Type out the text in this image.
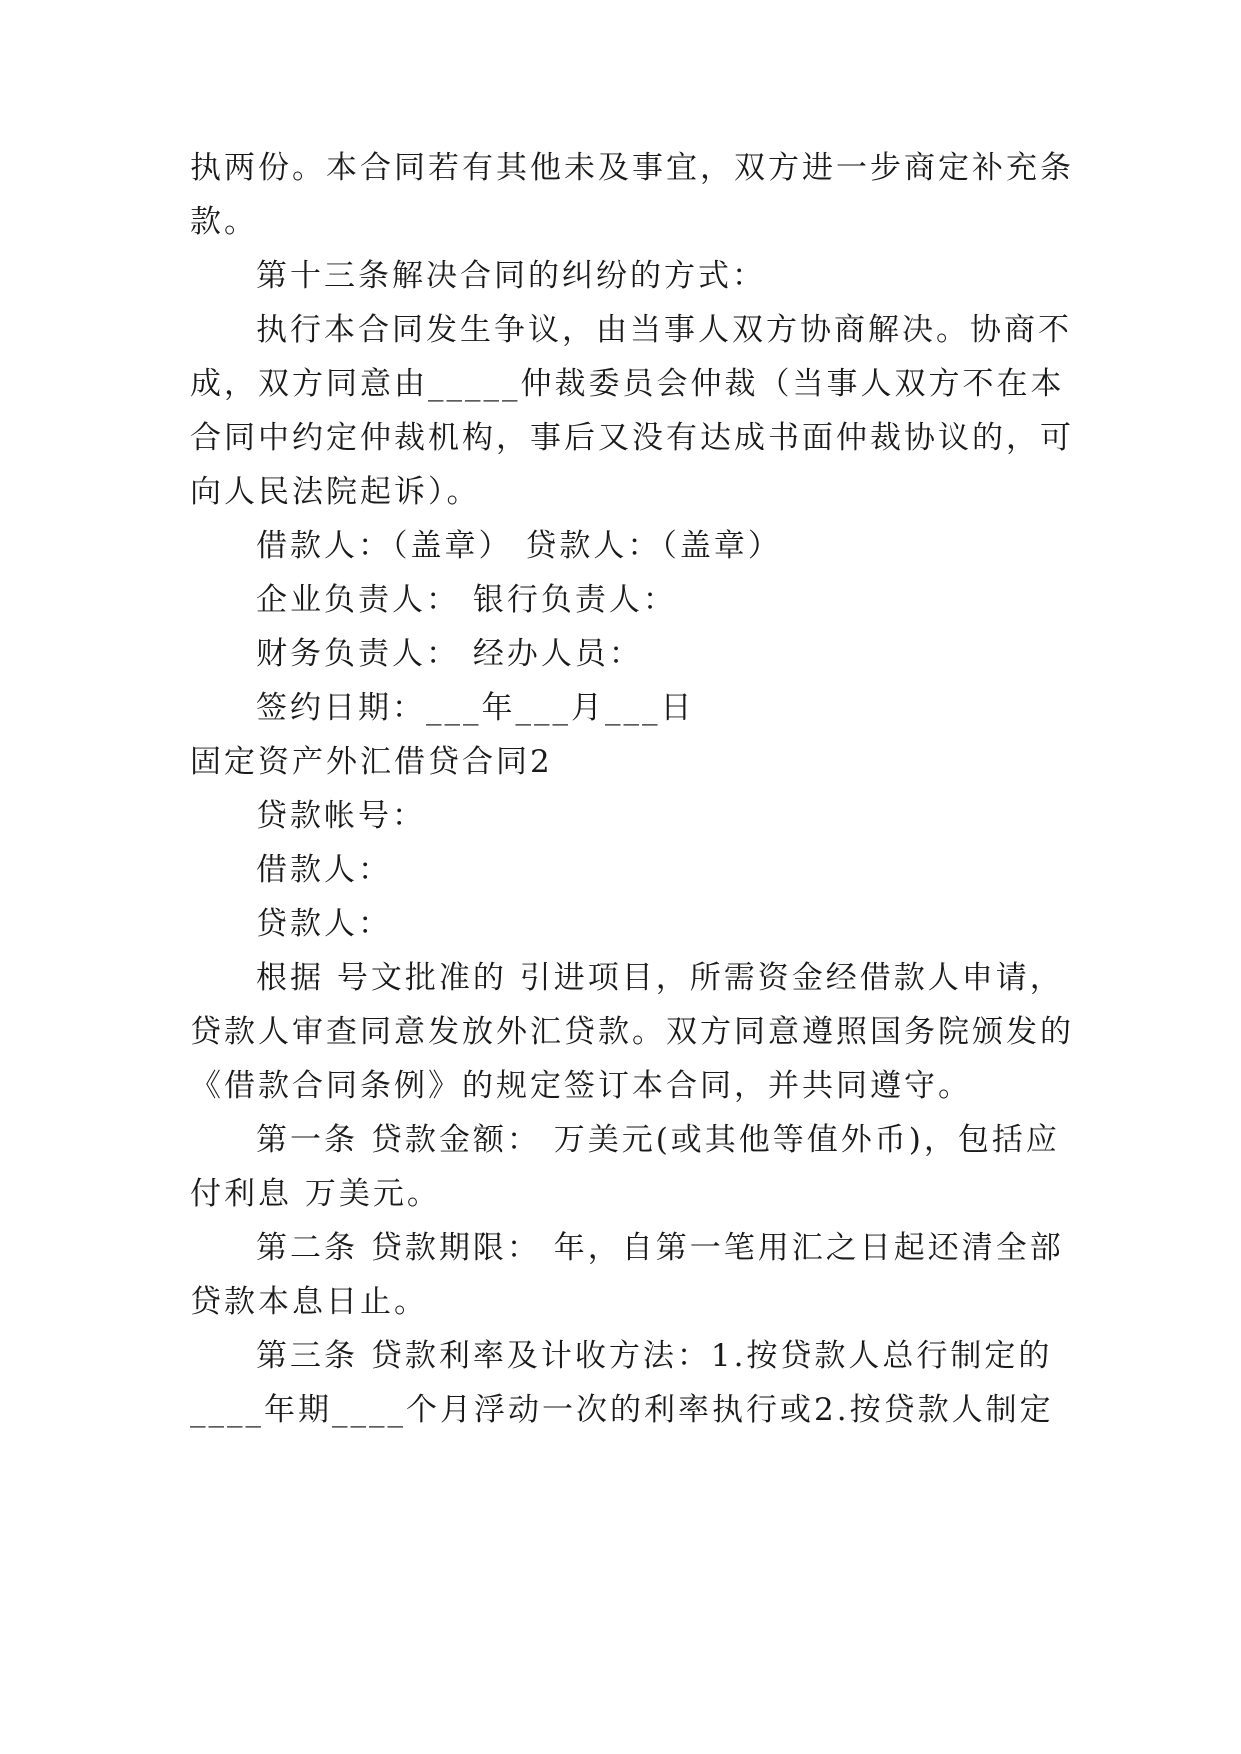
执两份。本合同若有其他未及事宜，双方进一步商定补充条
款。
第十三条解决合同的纠纷的方式：
执行本合同发生争议，由当事人双方协商解决。协商不
成，双方同意由_____仲裁委员会仲裁（当事人双方不在本
合同中约定仲裁机构，事后又没有达成书面仲裁协议的，可
向人民法院起诉）。
借款人：（盖章） 贷款人：（盖章）
企业负责人： 银行负责人：
财务负责人： 经办人员：
签约日期：___年___月___日
固定资产外汇借贷合同2
贷款帐号：
借款人：
贷款人：
根据 号文批准的 引进项目，所需资金经借款人申请，
贷款人审查同意发放外汇贷款。双方同意遵照国务院颁发的
《借款合同条例》的规定签订本合同，并共同遵守。
第一条 贷款金额： 万美元(或其他等值外币)，包括应
付利息 万美元。
第二条 贷款期限： 年，自第一笔用汇之日起还清全部
贷款本息日止。
第三条 贷款利率及计收方法：1.按贷款人总行制定的
____年期____个月浮动一次的利率执行或2.按贷款人制定
